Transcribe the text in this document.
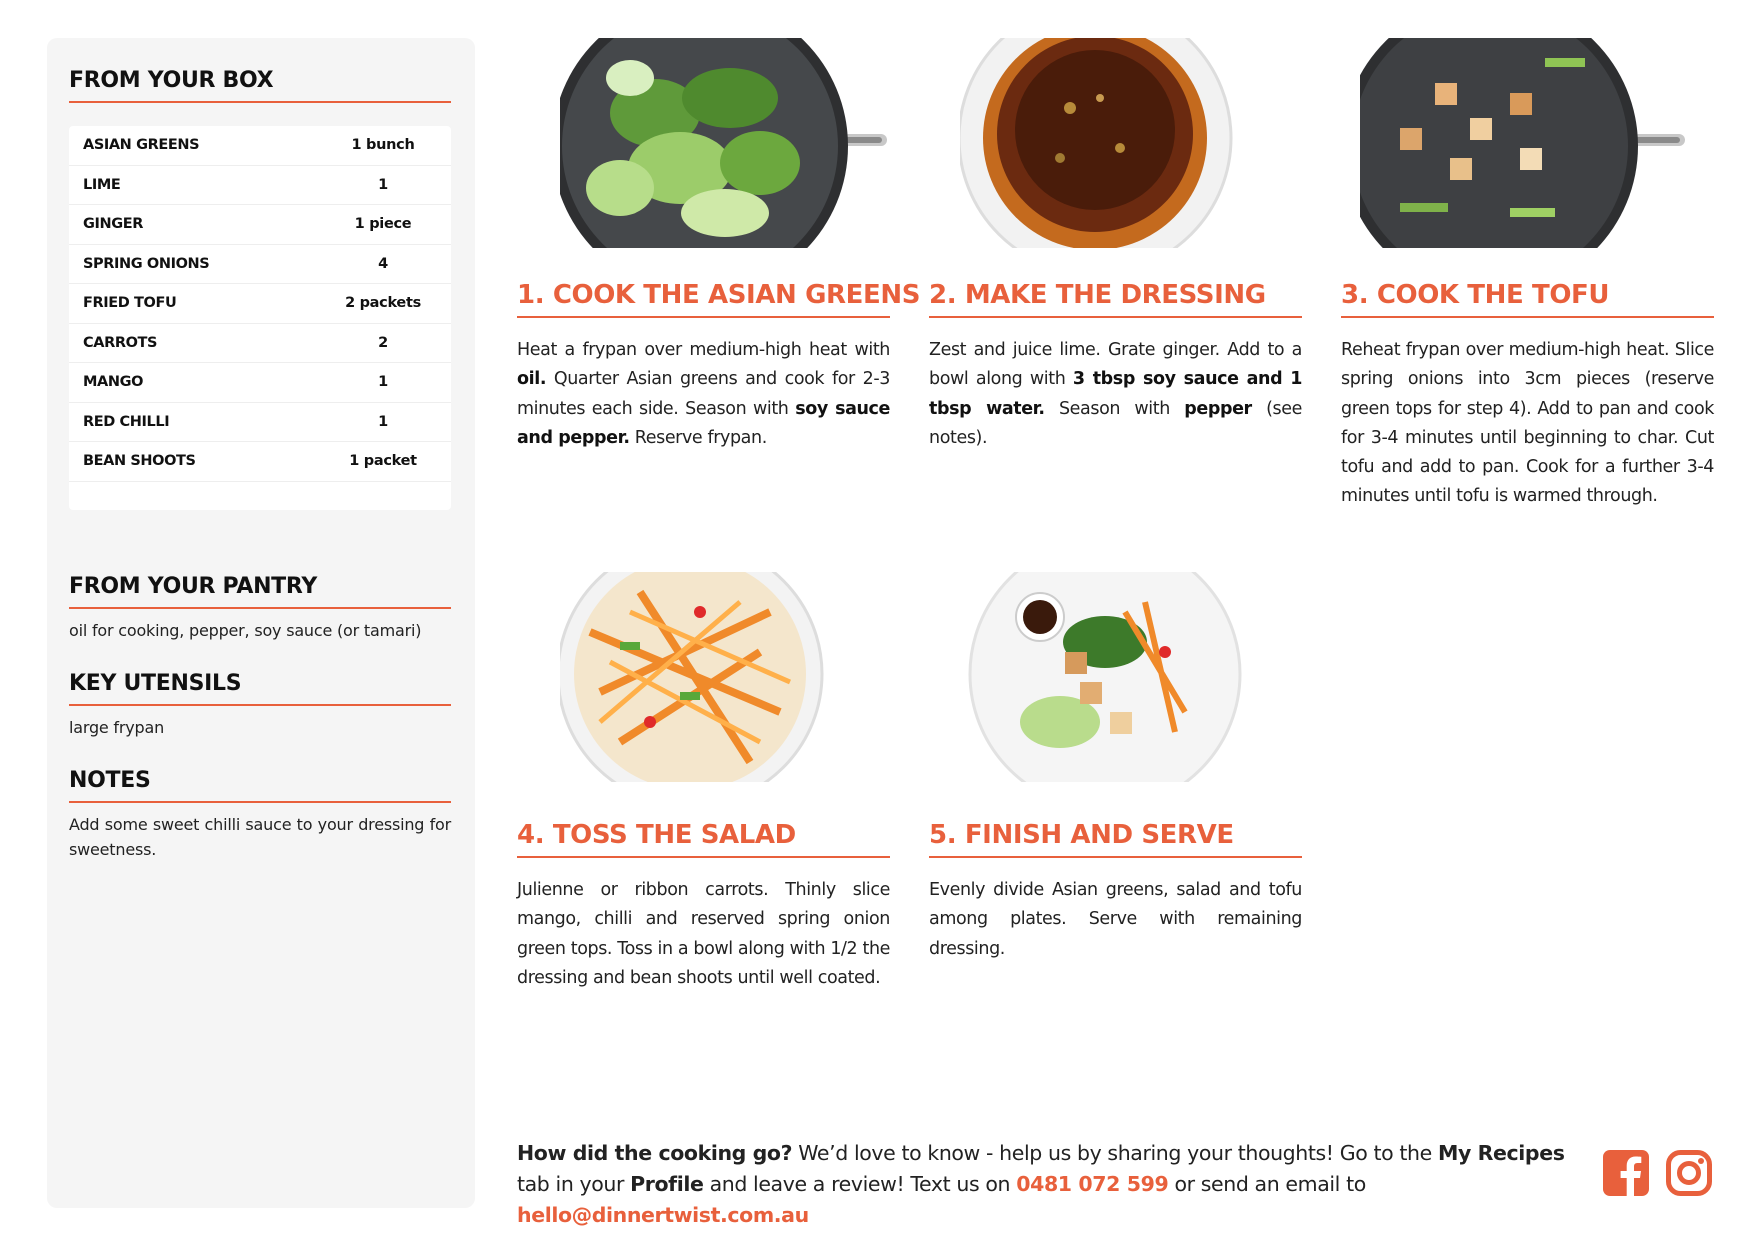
FROM YOUR BOX
ASIAN GREENS	1 bunch
LIME	1
GINGER	1 piece
SPRING ONIONS	4
FRIED TOFU	2 packets
CARROTS	2
MANGO	1
RED CHILLI	1
BEAN SHOOTS	1 packet
FROM YOUR PANTRY
oil for cooking, pepper, soy sauce (or tamari)
KEY UTENSILS
large frypan
NOTES
Add some sweet chilli sauce to your dressing for sweetness.
1. COOK THE ASIAN GREENS
Heat a frypan over medium-high heat with oil. Quarter Asian greens and cook for 2-3 minutes each side. Season with soy sauce and pepper. Reserve frypan.
2. MAKE THE DRESSING
Zest and juice lime. Grate ginger. Add to a bowl along with 3 tbsp soy sauce and 1 tbsp water. Season with pepper (see notes).
3. COOK THE TOFU
Reheat frypan over medium-high heat. Slice spring onions into 3cm pieces (reserve green tops for step 4). Add to pan and cook for 3-4 minutes until beginning to char. Cut tofu and add to pan. Cook for a further 3-4 minutes until tofu is warmed through.
4. TOSS THE SALAD
Julienne or ribbon carrots. Thinly slice mango, chilli and reserved spring onion green tops. Toss in a bowl along with 1/2 the dressing and bean shoots until well coated.
5. FINISH AND SERVE
Evenly divide Asian greens, salad and tofu among plates. Serve with remaining dressing.
How did the cooking go? We’d love to know - help us by sharing your thoughts! Go to the My Recipes tab in your Profile and leave a review! Text us on 0481 072 599 or send an email to hello@dinnertwist.com.au
